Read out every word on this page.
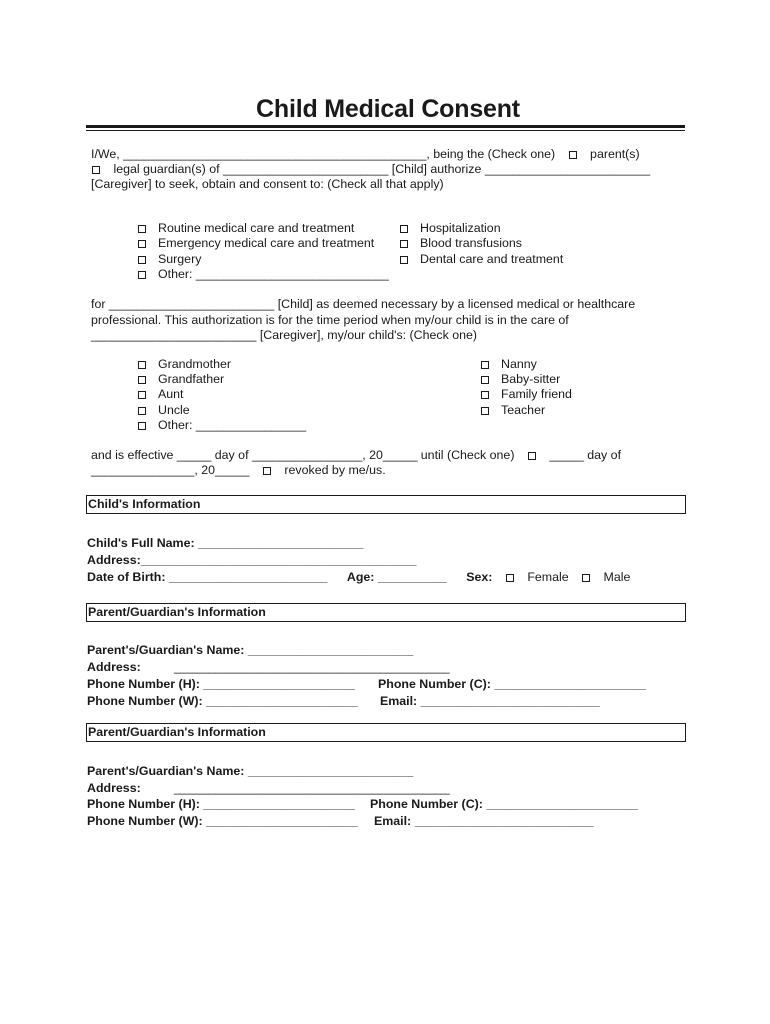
Child Medical Consent
I/We, ____________________________________________, being the (Check one)	parent(s)
legal guardian(s) of ________________________ [Child] authorize ________________________
[Caregiver] to seek, obtain and consent to: (Check all that apply)
Routine medical care and treatment
Emergency medical care and treatment
Surgery
Other: ____________________________
Hospitalization
Blood transfusions
Dental care and treatment
for ________________________ [Child] as deemed necessary by a licensed medical or healthcare
professional. This authorization is for the time period when my/our child is in the care of
________________________ [Caregiver], my/our child's: (Check one)
Grandmother
Grandfather
Aunt
Uncle
Other: ________________
Nanny
Baby-sitter
Family friend
Teacher
and is effective _____ day of ________________, 20_____ until (Check one)	_____ day of
_______________, 20_____	revoked by me/us.
Child's Information
Child's Full Name: ________________________
Address:________________________________________
Date of Birth: _______________________ Age: __________ Sex:	Female	Male
Parent/Guardian's Information
Parent's/Guardian's Name: ________________________
Address:	________________________________________
Phone Number (H): ______________________ Phone Number (C): ______________________
Phone Number (W): ______________________ Email: __________________________
Parent/Guardian's Information
Parent's/Guardian's Name: ________________________
Address:	________________________________________
Phone Number (H): ______________________ Phone Number (C): ______________________
Phone Number (W): ______________________ Email: __________________________
